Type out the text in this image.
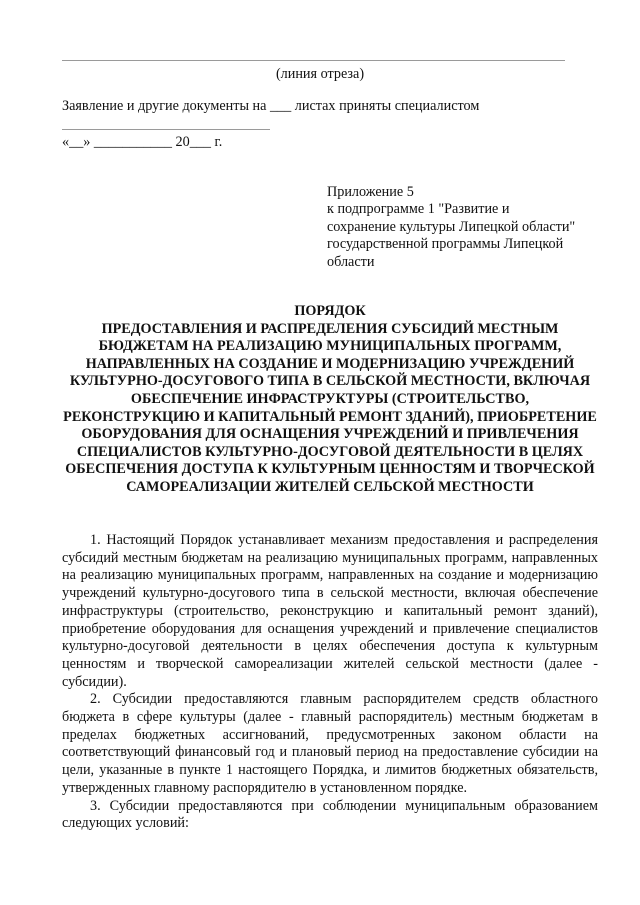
(линия отреза)
Заявление и другие документы на ___ листах приняты специалистом
«__» ___________ 20___ г.
Приложение 5
к подпрограмме 1 "Развитие и
сохранение культуры Липецкой области"
государственной программы Липецкой
области
ПОРЯДОК
ПРЕДОСТАВЛЕНИЯ И РАСПРЕДЕЛЕНИЯ СУБСИДИЙ МЕСТНЫМ БЮДЖЕТАМ НА РЕАЛИЗАЦИЮ МУНИЦИПАЛЬНЫХ ПРОГРАММ, НАПРАВЛЕННЫХ НА СОЗДАНИЕ И МОДЕРНИЗАЦИЮ УЧРЕЖДЕНИЙ КУЛЬТУРНО-ДОСУГОВОГО ТИПА В СЕЛЬСКОЙ МЕСТНОСТИ, ВКЛЮЧАЯ ОБЕСПЕЧЕНИЕ ИНФРАСТРУКТУРЫ (СТРОИТЕЛЬСТВО, РЕКОНСТРУКЦИЮ И КАПИТАЛЬНЫЙ РЕМОНТ ЗДАНИЙ), ПРИОБРЕТЕНИЕ ОБОРУДОВАНИЯ ДЛЯ ОСНАЩЕНИЯ УЧРЕЖДЕНИЙ И ПРИВЛЕЧЕНИЯ СПЕЦИАЛИСТОВ КУЛЬТУРНО-ДОСУГОВОЙ ДЕЯТЕЛЬНОСТИ В ЦЕЛЯХ ОБЕСПЕЧЕНИЯ ДОСТУПА К КУЛЬТУРНЫМ ЦЕННОСТЯМ И ТВОРЧЕСКОЙ САМОРЕАЛИЗАЦИИ ЖИТЕЛЕЙ СЕЛЬСКОЙ МЕСТНОСТИ

1. Настоящий Порядок устанавливает механизм предоставления и распределения субсидий местным бюджетам на реализацию муниципальных программ, направленных на реализацию муниципальных программ, направленных на создание и модернизацию учреждений культурно-досугового типа в сельской местности, включая обеспечение инфраструктуры (строительство, реконструкцию и капитальный ремонт зданий), приобретение оборудования для оснащения учреждений и привлечение специалистов культурно-досуговой деятельности в целях обеспечения доступа к культурным ценностям и творческой самореализации жителей сельской местности (далее - субсидии).

2. Субсидии предоставляются главным распорядителем средств областного бюджета в сфере культуры (далее - главный распорядитель) местным бюджетам в пределах бюджетных ассигнований, предусмотренных законом области на соответствующий финансовый год и плановый период на предоставление субсидии на цели, указанные в пункте 1 настоящего Порядка, и лимитов бюджетных обязательств, утвержденных главному распорядителю в установленном порядке.

3. Субсидии предоставляются при соблюдении муниципальным образованием следующих условий:
